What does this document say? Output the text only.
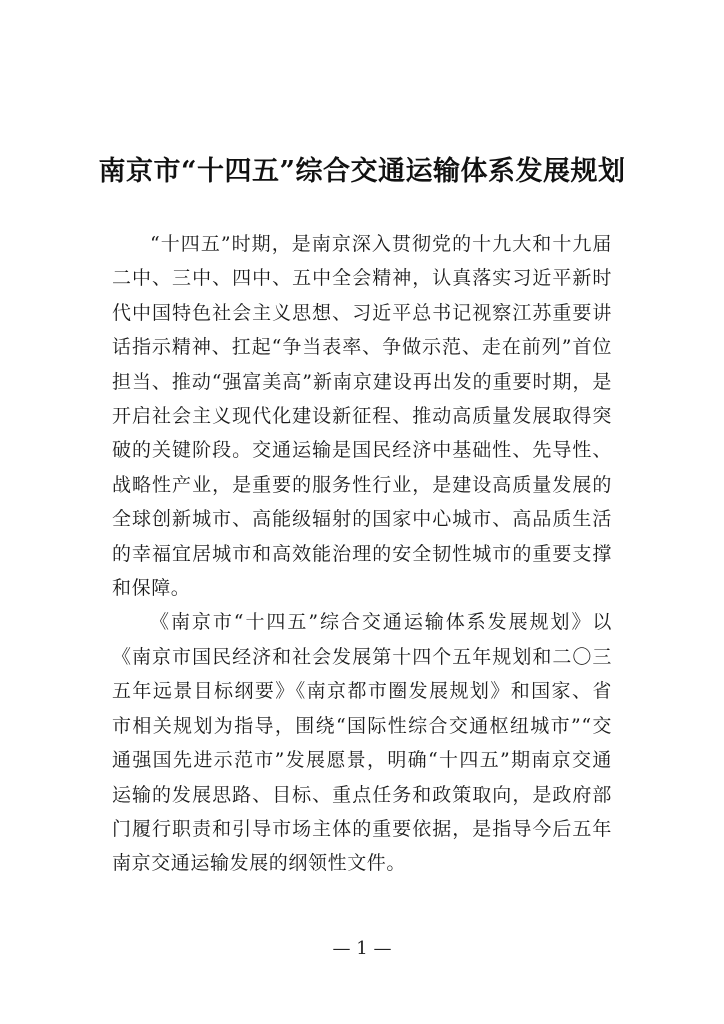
南京市“十四五”综合交通运输体系发展规划

“十四五”时期，是南京深入贯彻党的十九大和十九届二中、三中、四中、五中全会精神，认真落实习近平新时代中国特色社会主义思想、习近平总书记视察江苏重要讲话指示精神、扛起“争当表率、争做示范、走在前列”首位担当、推动“强富美高”新南京建设再出发的重要时期，是开启社会主义现代化建设新征程、推动高质量发展取得突破的关键阶段。交通运输是国民经济中基础性、先导性、战略性产业，是重要的服务性行业，是建设高质量发展的全球创新城市、高能级辐射的国家中心城市、高品质生活的幸福宜居城市和高效能治理的安全韧性城市的重要支撑和保障。

《南京市“十四五”综合交通运输体系发展规划》以《南京市国民经济和社会发展第十四个五年规划和二〇三五年远景目标纲要》《南京都市圈发展规划》和国家、省市相关规划为指导，围绕“国际性综合交通枢纽城市”“交通强国先进示范市”发展愿景，明确“十四五”期南京交通运输的发展思路、目标、重点任务和政策取向，是政府部门履行职责和引导市场主体的重要依据，是指导今后五年南京交通运输发展的纲领性文件。

— 1 —
